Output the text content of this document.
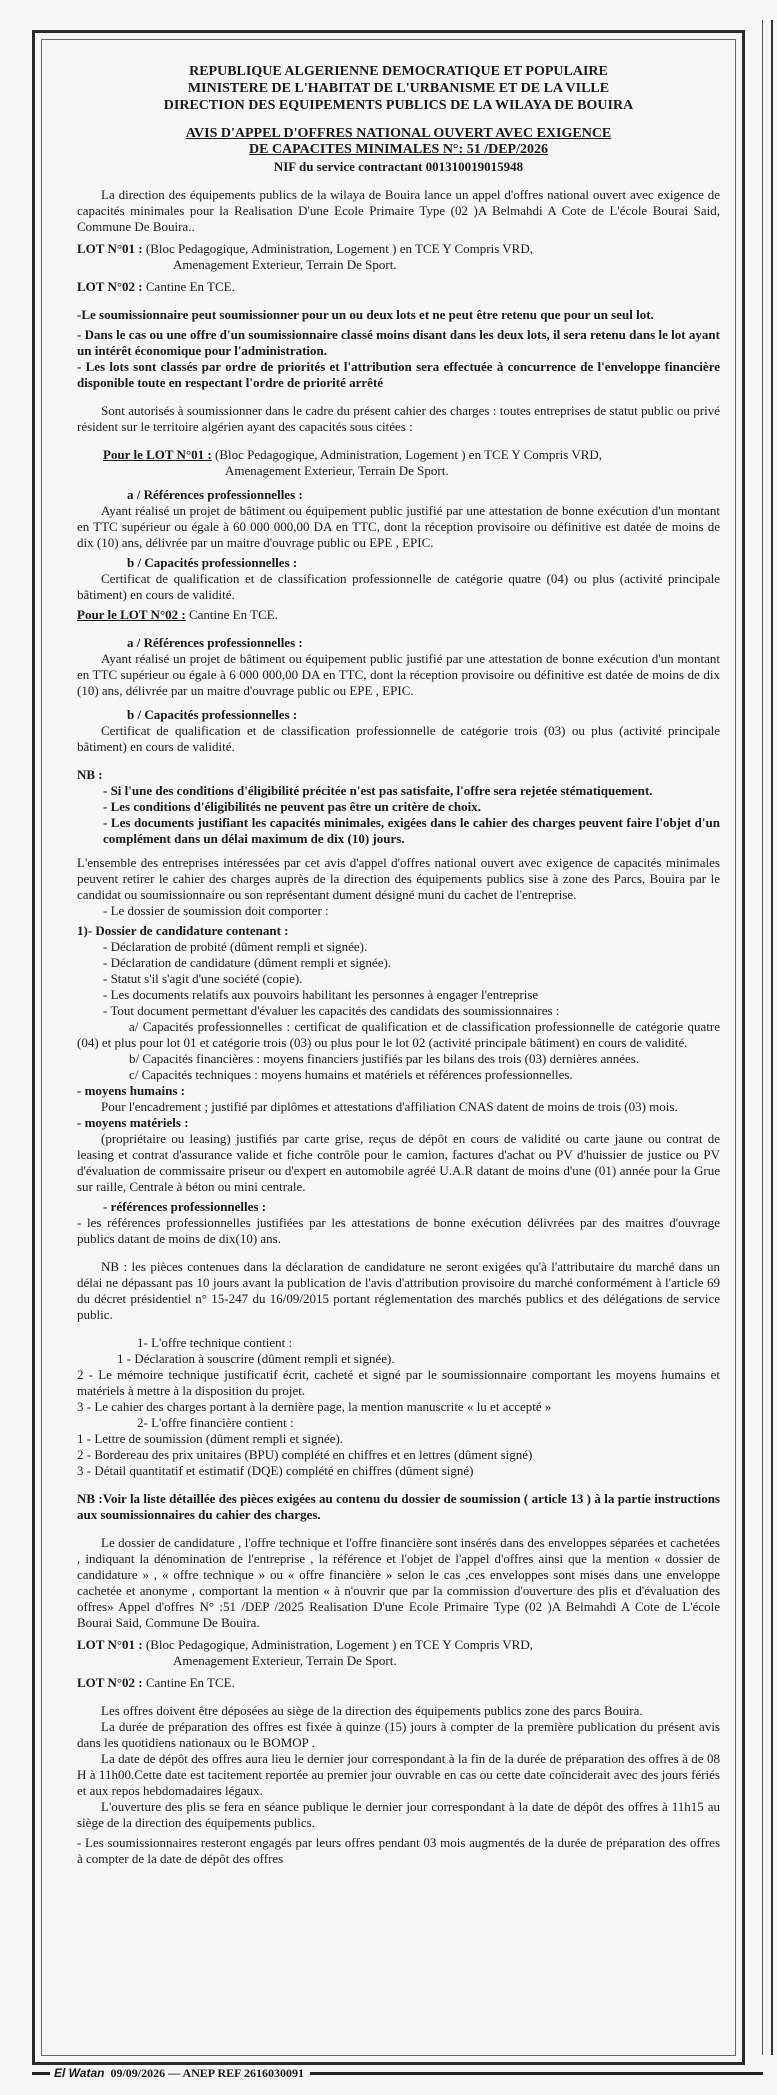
REPUBLIQUE ALGERIENNE DEMOCRATIQUE ET POPULAIRE
MINISTERE DE L'HABITAT DE L'URBANISME ET DE LA VILLE
DIRECTION DES EQUIPEMENTS PUBLICS DE LA WILAYA DE BOUIRA
AVIS D'APPEL D'OFFRES NATIONAL OUVERT AVEC EXIGENCE
DE CAPACITES MINIMALES N°: 51 /DEP/2026
NIF du service contractant 001310019015948

La direction des équipements publics de la wilaya de Bouira lance un appel d'offres national ouvert avec exigence de capacités minimales pour la Realisation D'une Ecole Primaire Type (02 )A Belmahdi A Cote de L'école Bourai Said, Commune De Bouira..

LOT N°01 : (Bloc Pedagogique, Administration, Logement ) en TCE Y Compris VRD,
Amenagement Exterieur, Terrain De Sport.
LOT N°02 : Cantine En TCE.

-Le soumissionnaire peut soumissionner pour un ou deux lots et ne peut être retenu que pour un seul lot.

- Dans le cas ou une offre d'un soumissionnaire classé moins disant dans les deux lots, il sera retenu dans le lot ayant un intérêt économique pour l'administration.

- Les lots sont classés par ordre de priorités et l'attribution sera effectuée à concurrence de l'enveloppe financière disponible toute en respectant l'ordre de priorité arrêté

Sont autorisés à soumissionner dans le cadre du présent cahier des charges : toutes entreprises de statut public ou privé résident sur le territoire algérien ayant des capacités sous citées :

Pour le LOT N°01 : (Bloc Pedagogique, Administration, Logement ) en TCE Y Compris VRD,
Amenagement Exterieur, Terrain De Sport.

a / Références professionnelles :

Ayant réalisé un projet de bâtiment ou équipement public justifié par une attestation de bonne exécution d'un montant en TTC supérieur ou égale à 60 000 000,00 DA en TTC, dont la réception provisoire ou définitive est datée de moins de dix (10) ans, délivrée par un maitre d'ouvrage public ou EPE , EPIC.

b / Capacités professionnelles :

Certificat de qualification et de classification professionnelle de catégorie quatre (04) ou plus (activité principale bâtiment) en cours de validité.

Pour le LOT N°02 : Cantine En TCE.

a / Références professionnelles :

Ayant réalisé un projet de bâtiment ou équipement public justifié par une attestation de bonne exécution d'un montant en TTC supérieur ou égale à 6 000 000,00 DA en TTC, dont la réception provisoire ou définitive est datée de moins de dix (10) ans, délivrée par un maitre d'ouvrage public ou EPE , EPIC.

b / Capacités professionnelles :

Certificat de qualification et de classification professionnelle de catégorie trois (03) ou plus (activité principale bâtiment) en cours de validité.

NB :

- Si l'une des conditions d'éligibilité précitée n'est pas satisfaite, l'offre sera rejetée stématiquement.

- Les conditions d'éligibilités ne peuvent pas être un critère de choix.

- Les documents justifiant les capacités minimales, exigées dans le cahier des charges peuvent faire l'objet d'un complément dans un délai maximum de dix (10) jours.

L'ensemble des entreprises intéressées par cet avis d'appel d'offres national ouvert avec exigence de capacités minimales peuvent retirer le cahier des charges auprès de la direction des équipements publics sise à zone des Parcs, Bouira par le candidat ou soumissionnaire ou son représentant dument désigné muni du cachet de l'entreprise.

- Le dossier de soumission doit comporter :

1)- Dossier de candidature contenant :

- Déclaration de probité (dûment rempli et signée).

- Déclaration de candidature (dûment rempli et signée).

- Statut s'il s'agit d'une société (copie).

- Les documents relatifs aux pouvoirs habilitant les personnes à engager l'entreprise

- Tout document permettant d'évaluer les capacités des candidats des soumissionnaires :

a/ Capacités professionnelles : certificat de qualification et de classification professionnelle de catégorie quatre (04) et plus pour lot 01 et catégorie trois (03) ou plus pour le lot 02 (activité principale bâtiment) en cours de validité.

b/ Capacités financières : moyens financiers justifiés par les bilans des trois (03) dernières années.

c/ Capacités techniques : moyens humains et matériels et références professionnelles.

- moyens humains :

Pour l'encadrement ; justifié par diplômes et attestations d'affiliation CNAS datent de moins de trois (03) mois.

- moyens matériels :

(propriétaire ou leasing) justifiés par carte grise, reçus de dépôt en cours de validité ou carte jaune ou contrat de leasing et contrat d'assurance valide et fiche contrôle pour le camion, factures d'achat ou PV d'huissier de justice ou PV d'évaluation de commissaire priseur ou d'expert en automobile agréé U.A.R datant de moins d'une (01) année pour la Grue sur raille, Centrale à béton ou mini centrale.

- références professionnelles :

- les références professionnelles justifiées par les attestations de bonne exécution délivrées par des maitres d'ouvrage publics datant de moins de dix(10) ans.

NB : les pièces contenues dans la déclaration de candidature ne seront exigées qu'à l'attributaire du marché dans un délai ne dépassant pas 10 jours avant la publication de l'avis d'attribution provisoire du marché conformément à l'article 69 du décret présidentiel n° 15-247 du 16/09/2015 portant réglementation des marchés publics et des délégations de service public.

1- L'offre technique contient :

1 - Déclaration à souscrire (dûment rempli et signée).

2 - Le mémoire technique justificatif écrit, cacheté et signé par le soumissionnaire comportant les moyens humains et matériels à mettre à la disposition du projet.

3 - Le cahier des charges portant à la dernière page, la mention manuscrite « lu et accepté »

2- L'offre financière contient :

1 - Lettre de soumission (dûment rempli et signée).

2 - Bordereau des prix unitaires (BPU) complété en chiffres et en lettres (dûment signé)

3 - Détail quantitatif et estimatif (DQE) complété en chiffres (dûment signé)

NB :Voir la liste détaillée des pièces exigées au contenu du dossier de soumission ( article 13 ) à la partie instructions aux soumissionnaires du cahier des charges.

Le dossier de candidature , l'offre technique et l'offre financière sont insérés dans des enveloppes séparées et cachetées , indiquant la dénomination de l'entreprise , la référence et l'objet de l'appel d'offres ainsi que la mention « dossier de candidature » , « offre technique » ou « offre financière » selon le cas ,ces enveloppes sont mises dans une enveloppe cachetée et anonyme , comportant la mention « à n'ouvrir que par la commission d'ouverture des plis et d'évaluation des offres» Appel d'offres N° :51 /DEP /2025 Realisation D'une Ecole Primaire Type (02 )A Belmahdi A Cote de L'école Bourai Said, Commune De Bouira.

LOT N°01 : (Bloc Pedagogique, Administration, Logement ) en TCE Y Compris VRD,
Amenagement Exterieur, Terrain De Sport.
LOT N°02 : Cantine En TCE.

Les offres doivent être déposées au siège de la direction des équipements publics zone des parcs Bouira.

La durée de préparation des offres est fixée à quinze (15) jours à compter de la première publication du présent avis dans les quotidiens nationaux ou le BOMOP .

La date de dépôt des offres aura lieu le dernier jour correspondant à la fin de la durée de préparation des offres à de 08 H à 11h00.Cette date est tacitement reportée au premier jour ouvrable en cas ou cette date coïnciderait avec des jours fériés et aux repos hebdomadaires légaux.

L'ouverture des plis se fera en séance publique le dernier jour correspondant à la date de dépôt des offres à 11h15 au siège de la direction des équipements publics.

- Les soumissionnaires resteront engagés par leurs offres pendant 03 mois augmentés de la durée de préparation des offres à compter de la date de dépôt des offres

El Watan 09/09/2026 — ANEP REF 2616030091
